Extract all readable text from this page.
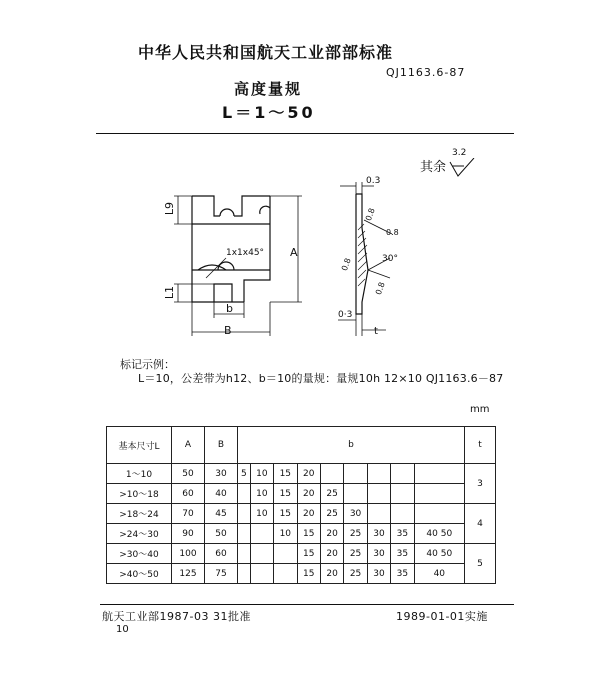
中华人民共和国航天工业部部标准
QJ1163.6-87
高度量规
L＝1～50
其余
3.2
L9
L1
1x1x45° A
b
B
0.3
0.8
0.8
0.8
0.8
30°
0·3
t
标记示例：
L＝10，公差带为h12、b＝10的量规：量规10h 12×10 QJ1163.6－87
mm
基本尺寸L	A	B	b									t
1～10	50	30	5	10	15	20						3
>10～18	60	40		10	15	20	25					
>18～24	70	45		10	15	20	25	30				4
>24～30	90	50			10	15	20	25	30	35	40 50	
>30～40	100	60				15	20	25	30	35	40 50	5
>40～50	125	75				15	20	25	30	35	40	
航天工业部1987-03 31批准	1989-01-01实施
10
